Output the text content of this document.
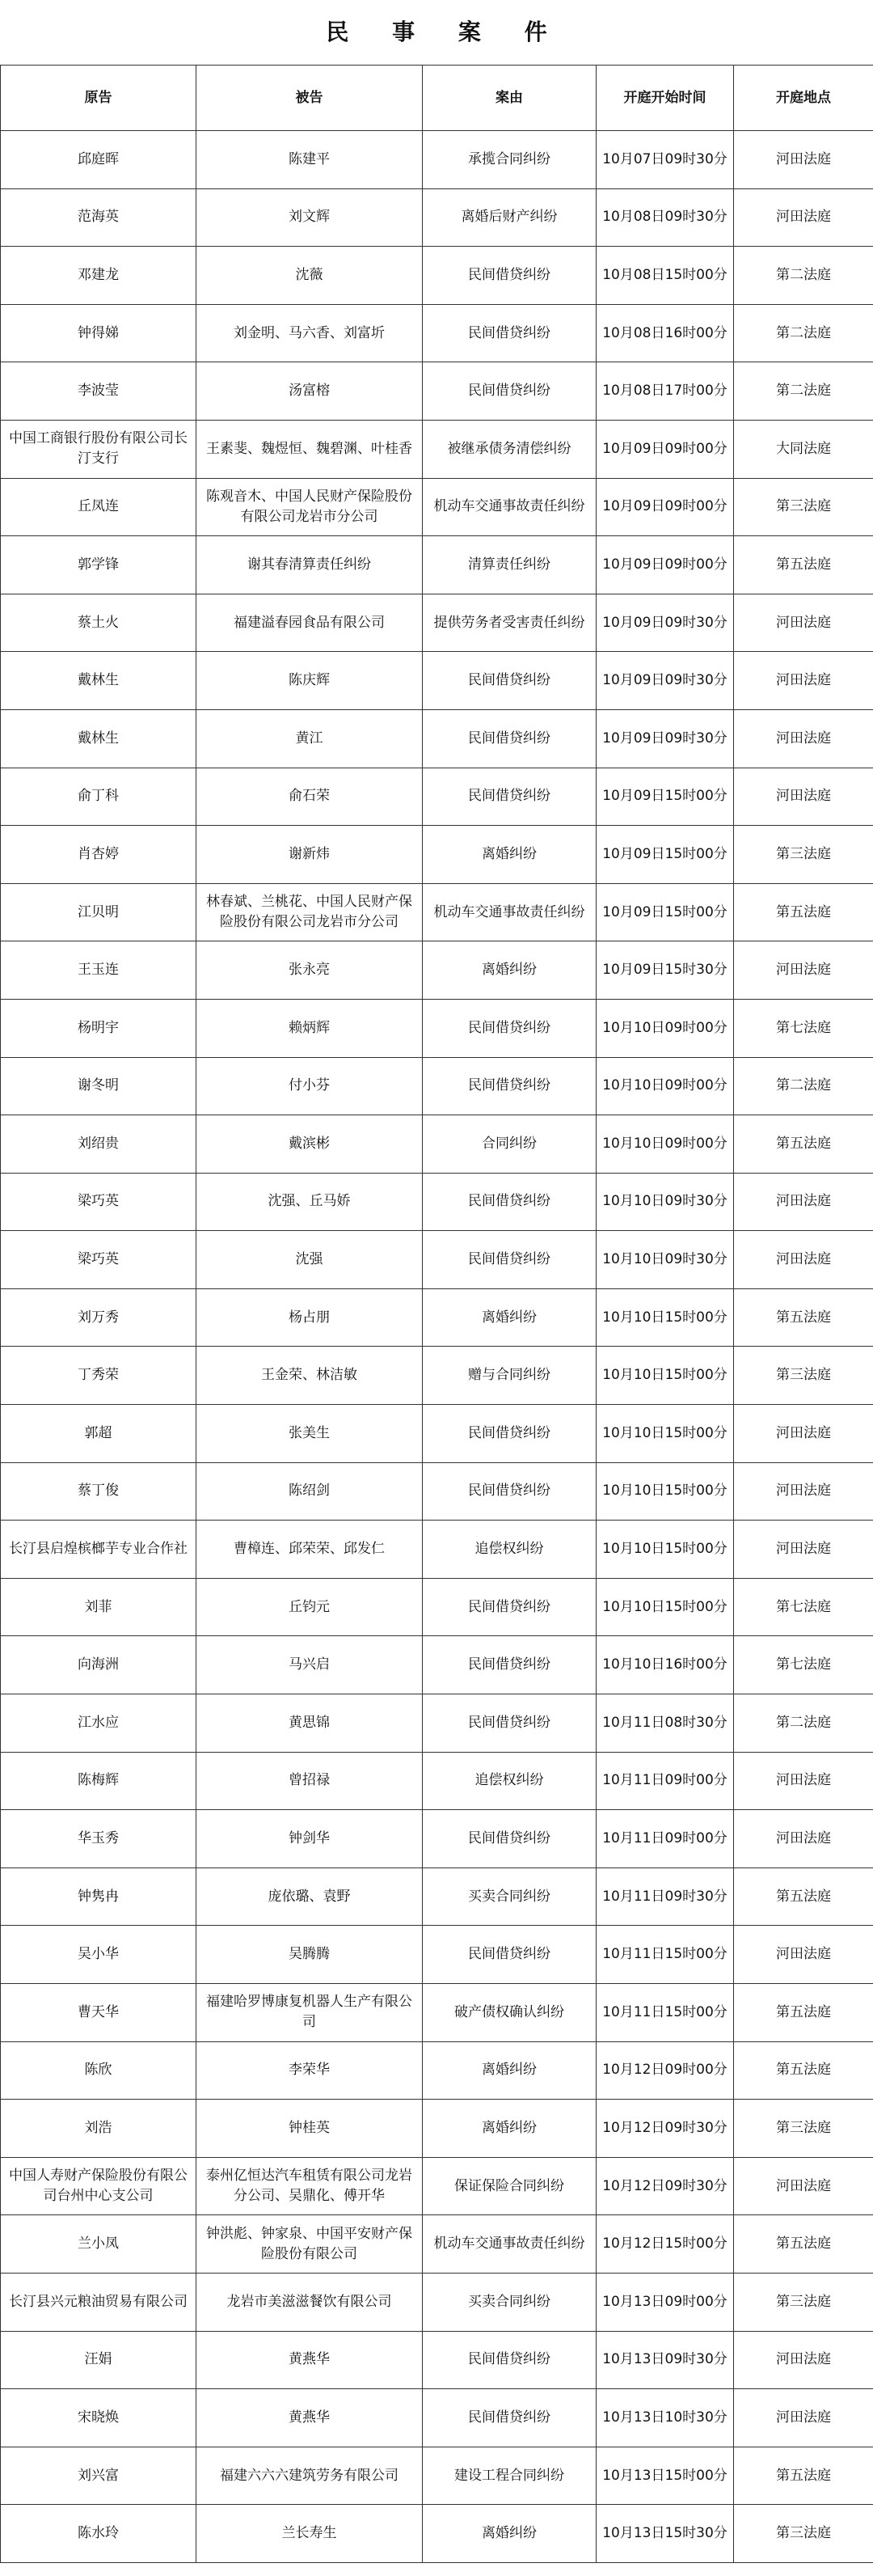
民 事 案 件
原告	被告	案由	开庭开始时间	开庭地点
邱庭晖	陈建平	承揽合同纠纷	10月07日09时30分	河田法庭
范海英	刘文辉	离婚后财产纠纷	10月08日09时30分	河田法庭
邓建龙	沈薇	民间借贷纠纷	10月08日15时00分	第二法庭
钟得娣	刘金明、马六香、刘富圻	民间借贷纠纷	10月08日16时00分	第二法庭
李波莹	汤富榕	民间借贷纠纷	10月08日17时00分	第二法庭
中国工商银行股份有限公司长汀支行	王素斐、魏煜恒、魏碧渊、叶桂香	被继承债务清偿纠纷	10月09日09时00分	大同法庭
丘凤连	陈观音木、中国人民财产保险股份有限公司龙岩市分公司	机动车交通事故责任纠纷	10月09日09时00分	第三法庭
郭学锋	谢其春清算责任纠纷	清算责任纠纷	10月09日09时00分	第五法庭
蔡土火	福建溢春园食品有限公司	提供劳务者受害责任纠纷	10月09日09时30分	河田法庭
戴林生	陈庆辉	民间借贷纠纷	10月09日09时30分	河田法庭
戴林生	黄江	民间借贷纠纷	10月09日09时30分	河田法庭
俞丁科	俞石荣	民间借贷纠纷	10月09日15时00分	河田法庭
肖杏婷	谢新炜	离婚纠纷	10月09日15时00分	第三法庭
江贝明	林春斌、兰桃花、中国人民财产保险股份有限公司龙岩市分公司	机动车交通事故责任纠纷	10月09日15时00分	第五法庭
王玉连	张永亮	离婚纠纷	10月09日15时30分	河田法庭
杨明宇	赖炳辉	民间借贷纠纷	10月10日09时00分	第七法庭
谢冬明	付小芬	民间借贷纠纷	10月10日09时00分	第二法庭
刘绍贵	戴滨彬	合同纠纷	10月10日09时00分	第五法庭
梁巧英	沈强、丘马娇	民间借贷纠纷	10月10日09时30分	河田法庭
梁巧英	沈强	民间借贷纠纷	10月10日09时30分	河田法庭
刘万秀	杨占朋	离婚纠纷	10月10日15时00分	第五法庭
丁秀荣	王金荣、林洁敏	赠与合同纠纷	10月10日15时00分	第三法庭
郭超	张美生	民间借贷纠纷	10月10日15时00分	河田法庭
蔡丁俊	陈绍剑	民间借贷纠纷	10月10日15时00分	河田法庭
长汀县启煌槟榔芋专业合作社	曹樟连、邱荣荣、邱发仁	追偿权纠纷	10月10日15时00分	河田法庭
刘菲	丘钧元	民间借贷纠纷	10月10日15时00分	第七法庭
向海洲	马兴启	民间借贷纠纷	10月10日16时00分	第七法庭
江水应	黄思锦	民间借贷纠纷	10月11日08时30分	第二法庭
陈梅辉	曾招禄	追偿权纠纷	10月11日09时00分	河田法庭
华玉秀	钟剑华	民间借贷纠纷	10月11日09时00分	河田法庭
钟隽冉	庞依璐、袁野	买卖合同纠纷	10月11日09时30分	第五法庭
吴小华	吴腾腾	民间借贷纠纷	10月11日15时00分	河田法庭
曹天华	福建哈罗博康复机器人生产有限公司	破产债权确认纠纷	10月11日15时00分	第五法庭
陈欣	李荣华	离婚纠纷	10月12日09时00分	第五法庭
刘浩	钟桂英	离婚纠纷	10月12日09时30分	第三法庭
中国人寿财产保险股份有限公司台州中心支公司	泰州亿恒达汽车租赁有限公司龙岩分公司、吴鼎化、傅开华	保证保险合同纠纷	10月12日09时30分	河田法庭
兰小凤	钟洪彪、钟家泉、中国平安财产保险股份有限公司	机动车交通事故责任纠纷	10月12日15时00分	第五法庭
长汀县兴元粮油贸易有限公司	龙岩市美滋滋餐饮有限公司	买卖合同纠纷	10月13日09时00分	第三法庭
汪娟	黄燕华	民间借贷纠纷	10月13日09时30分	河田法庭
宋晓焕	黄燕华	民间借贷纠纷	10月13日10时30分	河田法庭
刘兴富	福建六六六建筑劳务有限公司	建设工程合同纠纷	10月13日15时00分	第五法庭
陈水玲	兰长寿生	离婚纠纷	10月13日15时30分	第三法庭
